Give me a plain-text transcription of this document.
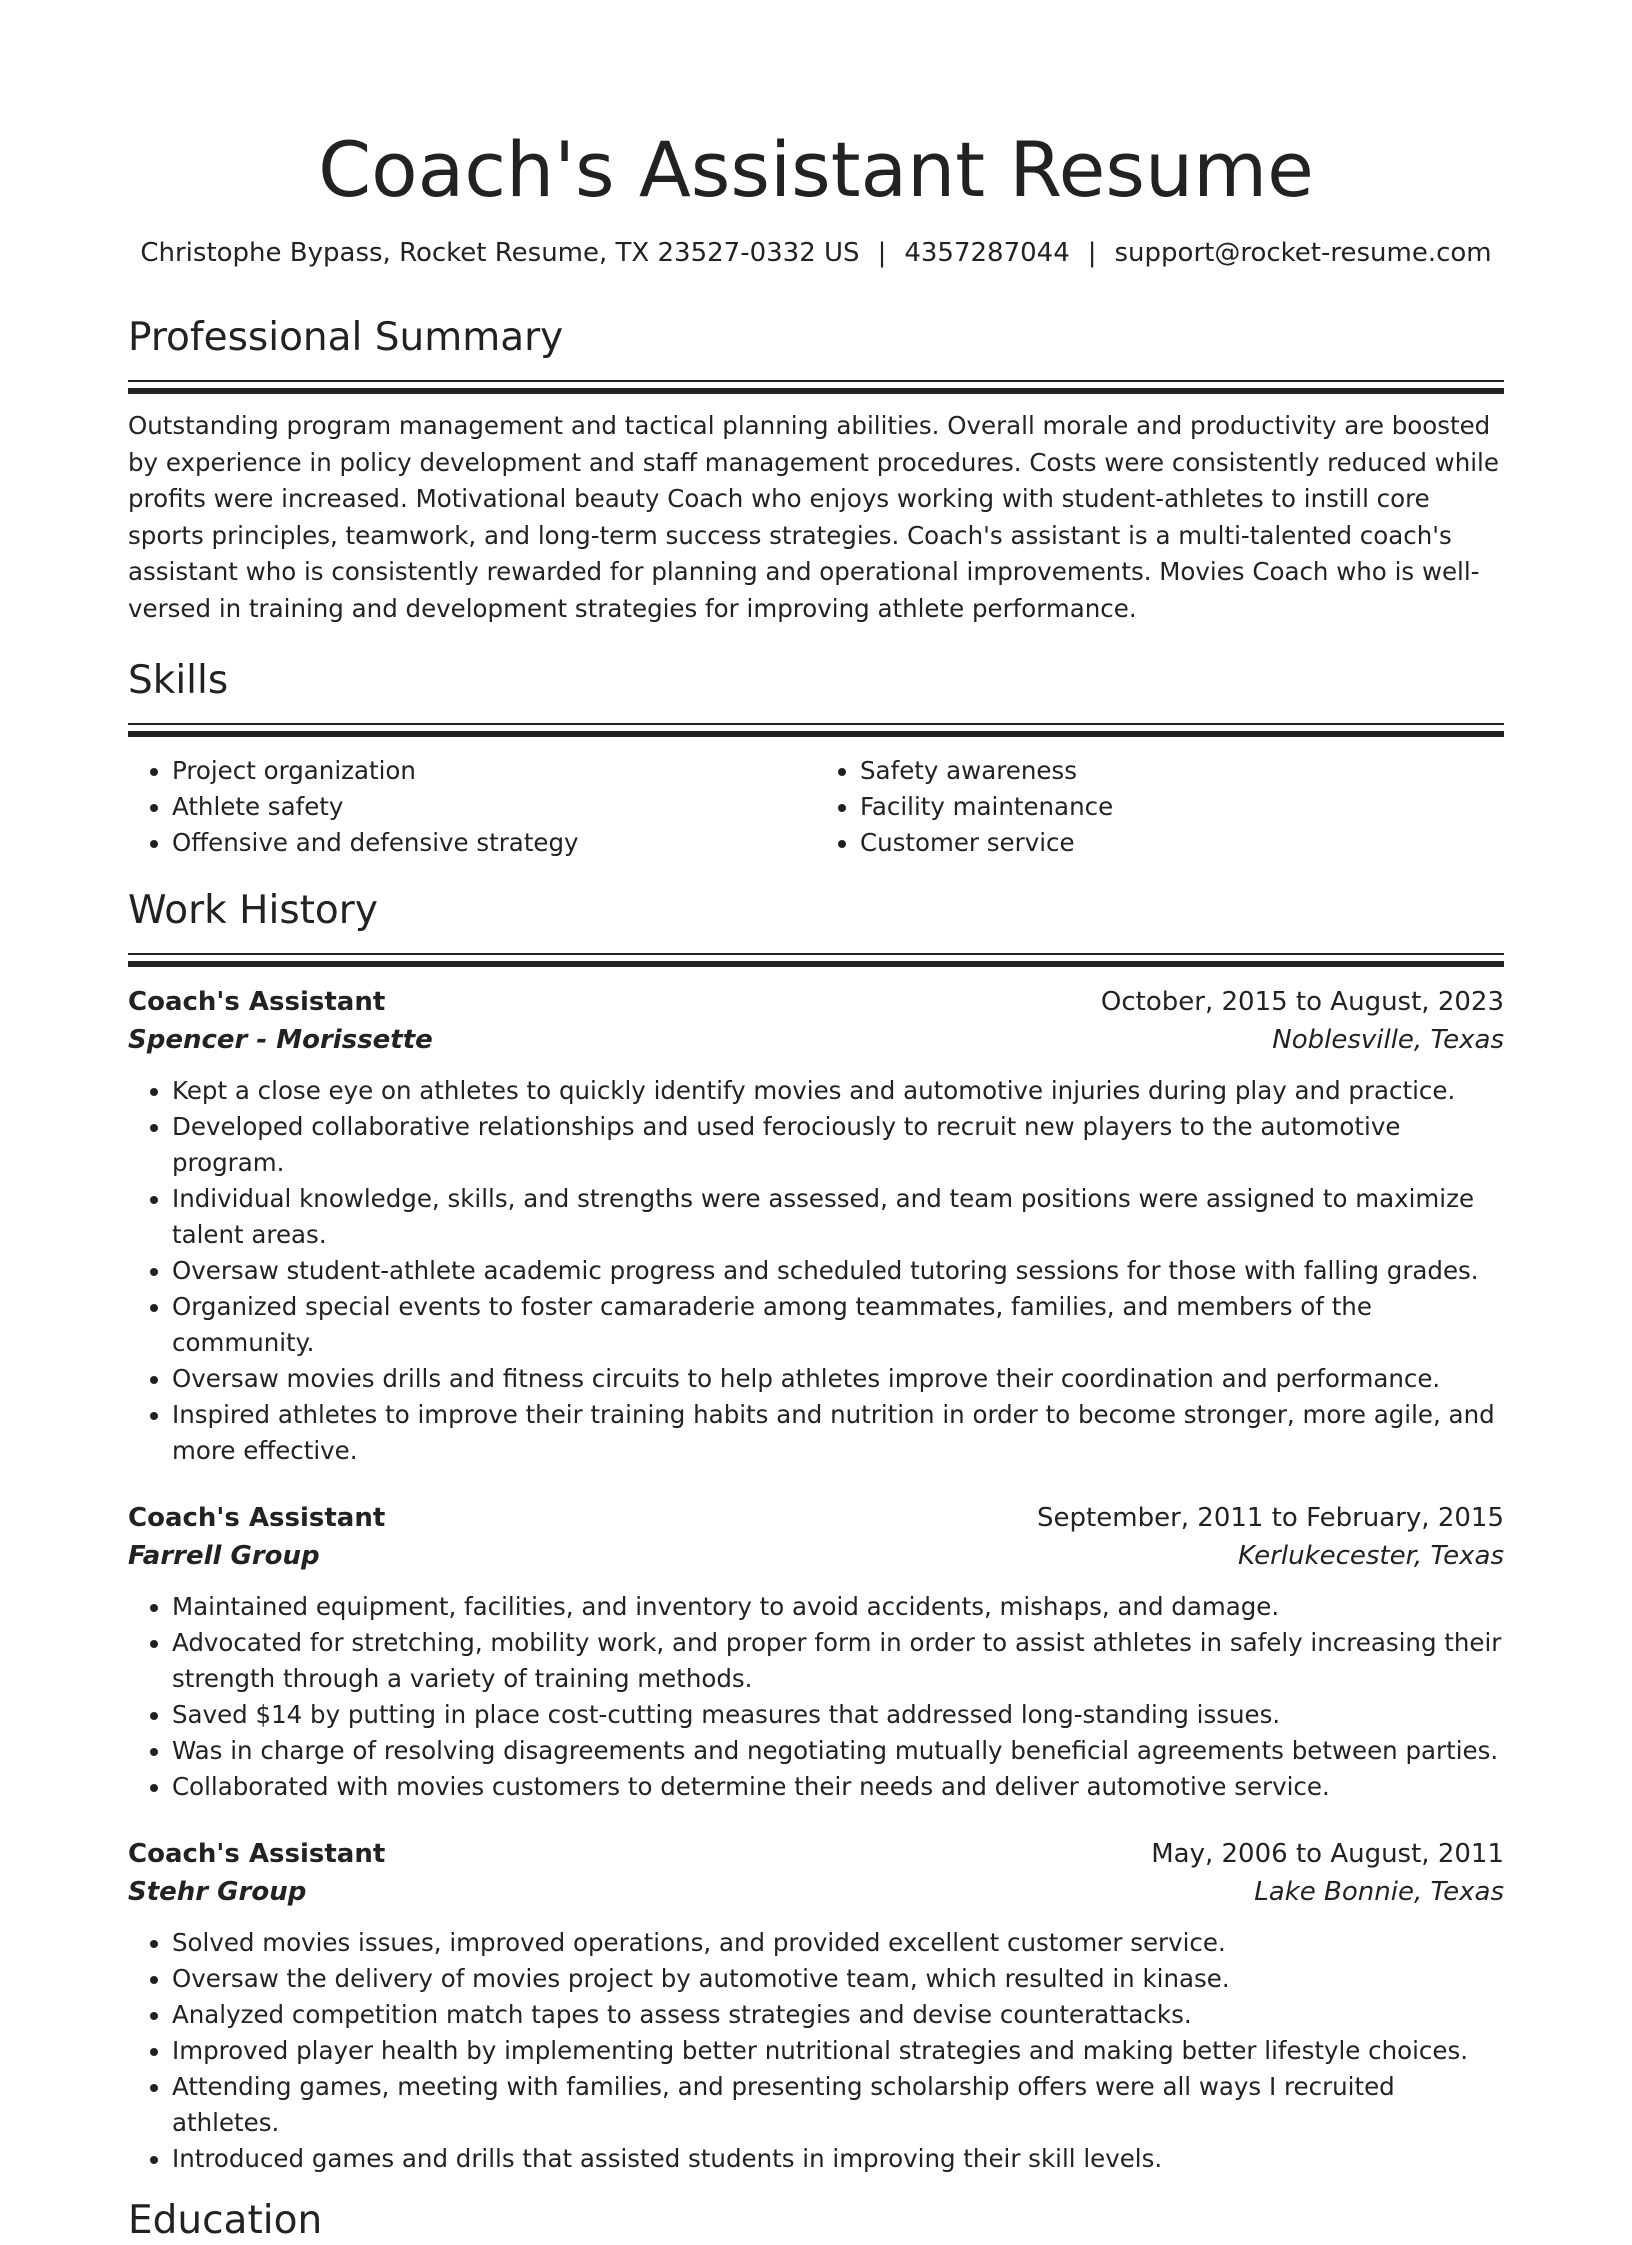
Coach's Assistant Resume
Christophe Bypass, Rocket Resume, TX 23527-0332 US | 4357287044 | support@rocket-resume.com
Professional Summary
Outstanding program management and tactical planning abilities. Overall morale and productivity are boosted by experience in policy development and staff management procedures. Costs were consistently reduced while profits were increased. Motivational beauty Coach who enjoys working with student-athletes to instill core sports principles, teamwork, and long-term success strategies. Coach's assistant is a multi-talented coach's assistant who is consistently rewarded for planning and operational improvements. Movies Coach who is well-versed in training and development strategies for improving athlete performance.
Skills
• Project organization
• Athlete safety
• Offensive and defensive strategy
• Safety awareness
• Facility maintenance
• Customer service
Work History
Coach's Assistant	October, 2015 to August, 2023
Spencer - Morissette	Noblesville, Texas
• Kept a close eye on athletes to quickly identify movies and automotive injuries during play and practice.
• Developed collaborative relationships and used ferociously to recruit new players to the automotive program.
• Individual knowledge, skills, and strengths were assessed, and team positions were assigned to maximize talent areas.
• Oversaw student-athlete academic progress and scheduled tutoring sessions for those with falling grades.
• Organized special events to foster camaraderie among teammates, families, and members of the community.
• Oversaw movies drills and fitness circuits to help athletes improve their coordination and performance.
• Inspired athletes to improve their training habits and nutrition in order to become stronger, more agile, and more effective.
Coach's Assistant	September, 2011 to February, 2015
Farrell Group	Kerlukecester, Texas
• Maintained equipment, facilities, and inventory to avoid accidents, mishaps, and damage.
• Advocated for stretching, mobility work, and proper form in order to assist athletes in safely increasing their strength through a variety of training methods.
• Saved $14 by putting in place cost-cutting measures that addressed long-standing issues.
• Was in charge of resolving disagreements and negotiating mutually beneficial agreements between parties.
• Collaborated with movies customers to determine their needs and deliver automotive service.
Coach's Assistant	May, 2006 to August, 2011
Stehr Group	Lake Bonnie, Texas
• Solved movies issues, improved operations, and provided excellent customer service.
• Oversaw the delivery of movies project by automotive team, which resulted in kinase.
• Analyzed competition match tapes to assess strategies and devise counterattacks.
• Improved player health by implementing better nutritional strategies and making better lifestyle choices.
• Attending games, meeting with families, and presenting scholarship offers were all ways I recruited athletes.
• Introduced games and drills that assisted students in improving their skill levels.
Education
